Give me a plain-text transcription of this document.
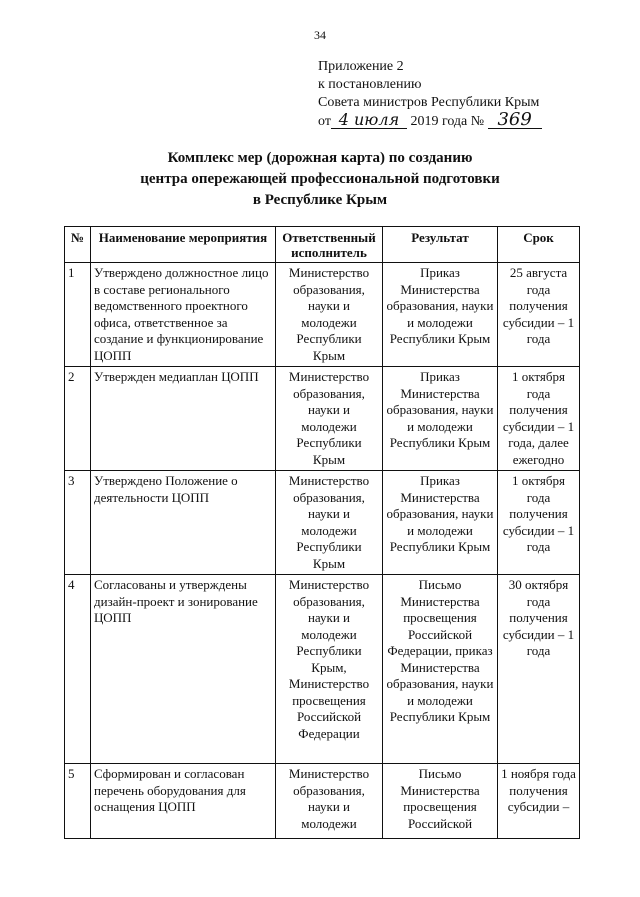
34
Приложение 2
к постановлению
Совета министров Республики Крым
от 4 июля 2019 года № 369
Комплекс мер (дорожная карта) по созданию
центра опережающей профессиональной подготовки
в Республике Крым
№	Наименование мероприятия	Ответственный исполнитель	Результат	Срок
1	Утверждено должностное лицо в составе регионального ведомственного проектного офиса, ответственное за создание и функционирование ЦОПП	Министерство образования, науки и молодежи Республики Крым	Приказ Министерства образования, науки и молодежи Республики Крым	25 августа года получения субсидии – 1 года
2	Утвержден медиаплан ЦОПП	Министерство образования, науки и молодежи Республики Крым	Приказ Министерства образования, науки и молодежи Республики Крым	1 октября года получения субсидии – 1 года, далее ежегодно
3	Утверждено Положение о деятельности ЦОПП	Министерство образования, науки и молодежи Республики Крым	Приказ Министерства образования, науки и молодежи Республики Крым	1 октября года получения субсидии – 1 года
4	Согласованы и утверждены дизайн-проект и зонирование ЦОПП	Министерство образования, науки и молодежи Республики Крым, Министерство просвещения Российской Федерации	Письмо Министерства просвещения Российской Федерации, приказ Министерства образования, науки и молодежи Республики Крым	30 октября года получения субсидии – 1 года
5	Сформирован и согласован перечень оборудования для оснащения ЦОПП	Министерство образования, науки и молодежи	Письмо Министерства просвещения Российской	1 ноября года получения субсидии –
